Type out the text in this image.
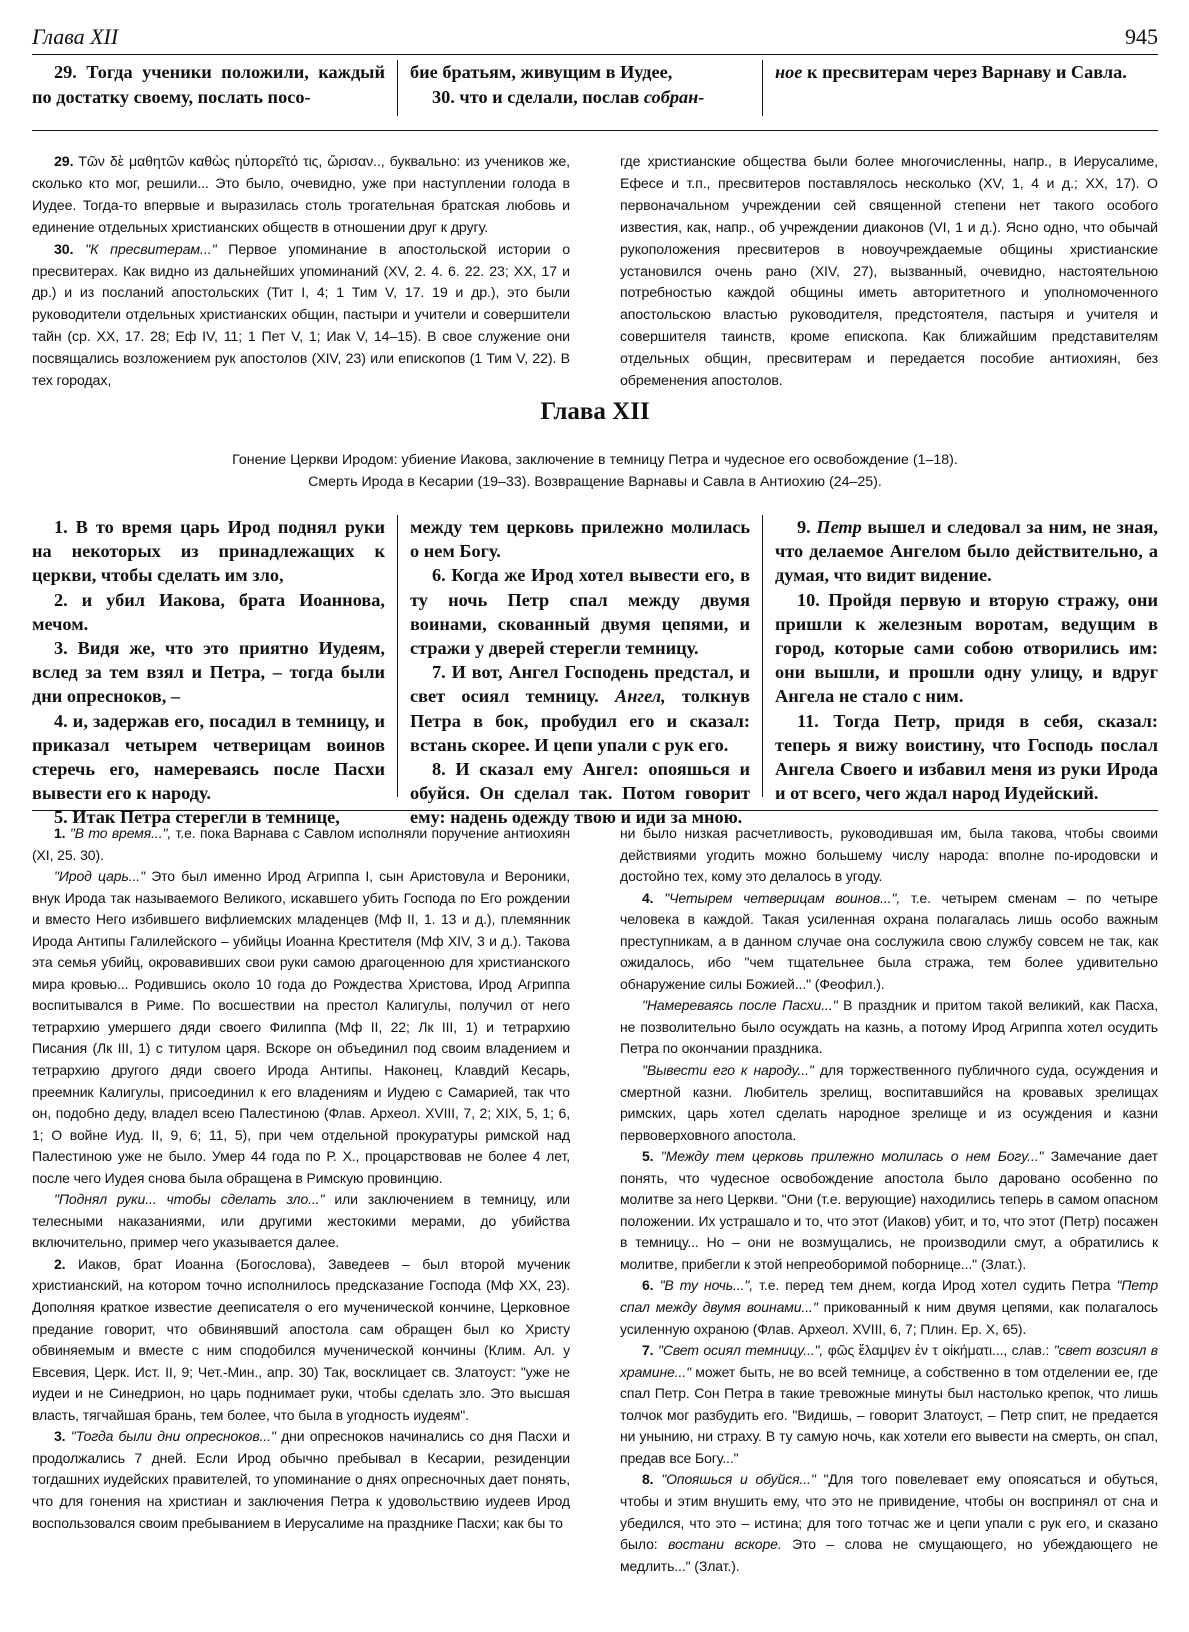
Глава XII	945

29. Тогда ученики положили, каждый по достатку своему, послать посо-

бие братьям, живущим в Иудее,

30. что и сделали, послав собран-

ное к пресвитерам через Варнаву и Савла.

29. Τῶν δὲ μαθητῶν καθὼς ηὐπορεῖτό τις, ὥρισαν.., буквально: из учеников же, сколько кто мог, решили... Это было, очевидно, уже при наступлении голода в Иудее. Тогда-то впервые и выразилась столь трогательная братская любовь и единение отдельных христианских обществ в отношении друг к другу.

30. "К пресвитерам..." Первое упоминание в апостольской истории о пресвитерах. Как видно из дальнейших упоминаний (XV, 2. 4. 6. 22. 23; XX, 17 и др.) и из посланий апостольских (Тит I, 4; 1 Тим V, 17. 19 и др.), это были руководители отдельных христианских общин, пастыри и учители и совершители тайн (ср. XX, 17. 28; Еф IV, 11; 1 Пет V, 1; Иак V, 14–15). В свое служение они посвящались возложением рук апостолов (XIV, 23) или епископов (1 Тим V, 22). В тех городах,

где христианские общества были более многочисленны, напр., в Иерусалиме, Ефесе и т.п., пресвитеров поставлялось несколько (XV, 1, 4 и д.; XX, 17). О первоначальном учреждении сей священной степени нет такого особого известия, как, напр., об учреждении диаконов (VI, 1 и д.). Ясно одно, что обычай рукоположения пресвитеров в новоучреждаемые общины христианские установился очень рано (XIV, 27), вызванный, очевидно, настоятельною потребностью каждой общины иметь авторитетного и уполномоченного апостольскою властью руководителя, предстоятеля, пастыря и учителя и совершителя таинств, кроме епископа. Как ближайшим представителям отдельных общин, пресвитерам и передается пособие антиохиян, без обременения апостолов.

Глава XII
Гонение Церкви Иродом: убиение Иакова, заключение в темницу Петра и чудесное его освобождение (1–18).
Смерть Ирода в Кесарии (19–33). Возвращение Варнавы и Савла в Антиохию (24–25).

1. В то время царь Ирод поднял руки на некоторых из принадлежащих к церкви, чтобы сделать им зло,

2. и убил Иакова, брата Иоаннова, мечом.

3. Видя же, что это приятно Иудеям, вслед за тем взял и Петра, – тогда были дни опресноков, –

4. и, задержав его, посадил в темницу, и приказал четырем четверицам воинов стеречь его, намереваясь после Пасхи вывести его к народу.

5. Итак Петра стерегли в темнице,

между тем церковь прилежно молилась о нем Богу.

6. Когда же Ирод хотел вывести его, в ту ночь Петр спал между двумя воинами, скованный двумя цепями, и стражи у дверей стерегли темницу.

7. И вот, Ангел Господень предстал, и свет осиял темницу. Ангел, толкнув Петра в бок, пробудил его и сказал: встань скорее. И цепи упали с рук его.

8. И сказал ему Ангел: опояшься и обуйся. Он сделал так. Потом говорит ему: надень одежду твою и иди за мною.

9. Петр вышел и следовал за ним, не зная, что делаемое Ангелом было действительно, а думая, что видит видение.

10. Пройдя первую и вторую стражу, они пришли к железным воротам, ведущим в город, которые сами собою отворились им: они вышли, и прошли одну улицу, и вдруг Ангела не стало с ним.

11. Тогда Петр, придя в себя, сказал: теперь я вижу воистину, что Господь послал Ангела Своего и избавил меня из руки Ирода и от всего, чего ждал народ Иудейский.

1. "В то время...", т.е. пока Варнава с Савлом исполняли поручение антиохиян (XI, 25. 30).

"Ирод царь..." Это был именно Ирод Агриппа I, сын Аристовула и Вероники, внук Ирода так называемого Великого, искавшего убить Господа по Его рождении и вместо Него избившего вифлиемских младенцев (Мф II, 1. 13 и д.), племянник Ирода Антипы Галилейского – убийцы Иоанна Крестителя (Мф XIV, 3 и д.). Такова эта семья убийц, окровавивших свои руки самою драгоценною для христианского мира кровью... Родившись около 10 года до Рождества Христова, Ирод Агриппа воспитывался в Риме. По восшествии на престол Калигулы, получил от него тетрархию умершего дяди своего Филиппа (Мф II, 22; Лк III, 1) и тетрархию Писания (Лк III, 1) с титулом царя. Вскоре он объединил под своим владением и тетрархию другого дяди своего Ирода Антипы. Наконец, Клавдий Кесарь, преемник Калигулы, присоединил к его владениям и Иудею с Самарией, так что он, подобно деду, владел всею Палестиною (Флав. Археол. XVIII, 7, 2; XIX, 5, 1; 6, 1; О войне Иуд. II, 9, 6; 11, 5), при чем отдельной прокуратуры римской над Палестиною уже не было. Умер 44 года по Р. Х., процарствовав не более 4 лет, после чего Иудея снова была обращена в Римскую провинцию.

"Поднял руки... чтобы сделать зло..." или заключением в темницу, или телесными наказаниями, или другими жестокими мерами, до убийства включительно, пример чего указывается далее.

2. Иаков, брат Иоанна (Богослова), Заведеев – был второй мученик христианский, на котором точно исполнилось предсказание Господа (Мф XX, 23). Дополняя краткое известие дееписателя о его мученической кончине, Церковное предание говорит, что обвинявший апостола сам обращен был ко Христу обвиняемым и вместе с ним сподобился мученической кончины (Клим. Ал. у Евсевия, Церк. Ист. II, 9; Чет.-Мин., апр. 30) Так, восклицает св. Златоуст: "уже не иудеи и не Синедрион, но царь поднимает руки, чтобы сделать зло. Это высшая власть, тягчайшая брань, тем более, что была в угодность иудеям".

3. "Тогда были дни опресноков..." дни опресноков начинались со дня Пасхи и продолжались 7 дней. Если Ирод обычно пребывал в Кесарии, резиденции тогдашних иудейских правителей, то упоминание о днях опресночных дает понять, что для гонения на христиан и заключения Петра к удовольствию иудеев Ирод воспользовался своим пребыванием в Иерусалиме на празднике Пасхи; как бы то

ни было низкая расчетливость, руководившая им, была такова, чтобы своими действиями угодить можно большему числу народа: вполне по-иродовски и достойно тех, кому это делалось в угоду.

4. "Четырем четверицам воинов...", т.е. четырем сменам – по четыре человека в каждой. Такая усиленная охрана полагалась лишь особо важным преступникам, а в данном случае она сослужила свою службу совсем не так, как ожидалось, ибо "чем тщательнее была стража, тем более удивительно обнаружение силы Божией..." (Феофил.).

"Намереваясь после Пасхи..." В праздник и притом такой великий, как Пасха, не позволительно было осуждать на казнь, а потому Ирод Агриппа хотел осудить Петра по окончании праздника.

"Вывести его к народу..." для торжественного публичного суда, осуждения и смертной казни. Любитель зрелищ, воспитавшийся на кровавых зрелищах римских, царь хотел сделать народное зрелище и из осуждения и казни первоверховного апостола.

5. "Между тем церковь прилежно молилась о нем Богу..." Замечание дает понять, что чудесное освобождение апостола было даровано особенно по молитве за него Церкви. "Они (т.е. верующие) находились теперь в самом опасном положении. Их устрашало и то, что этот (Иаков) убит, и то, что этот (Петр) посажен в темницу... Но – они не возмущались, не производили смут, а обратились к молитве, прибегли к этой непреоборимой поборнице..." (Злат.).

6. "В ту ночь...", т.е. перед тем днем, когда Ирод хотел судить Петра "Петр спал между двумя воинами..." прикованный к ним двумя цепями, как полагалось усиленную охраною (Флав. Археол. XVIII, 6, 7; Плин. Ер. X, 65).

7. "Свет осиял темницу...", φῶς ἔλαμψεν ἐν τ οἰκήματι..., слав.: "свет возсиял в храмине..." может быть, не во всей темнице, а собственно в том отделении ее, где спал Петр. Сон Петра в такие тревожные минуты был настолько крепок, что лишь толчок мог разбудить его. "Видишь, – говорит Златоуст, – Петр спит, не предается ни унынию, ни страху. В ту самую ночь, как хотели его вывести на смерть, он спал, предав все Богу..."

8. "Опояшься и обуйся..." "Для того повелевает ему опоясаться и обуться, чтобы и этим внушить ему, что это не привидение, чтобы он воспринял от сна и убедился, что это – истина; для того тотчас же и цепи упали с рук его, и сказано было: востани вскоре. Это – слова не смущающего, но убеждающего не медлить..." (Злат.).
